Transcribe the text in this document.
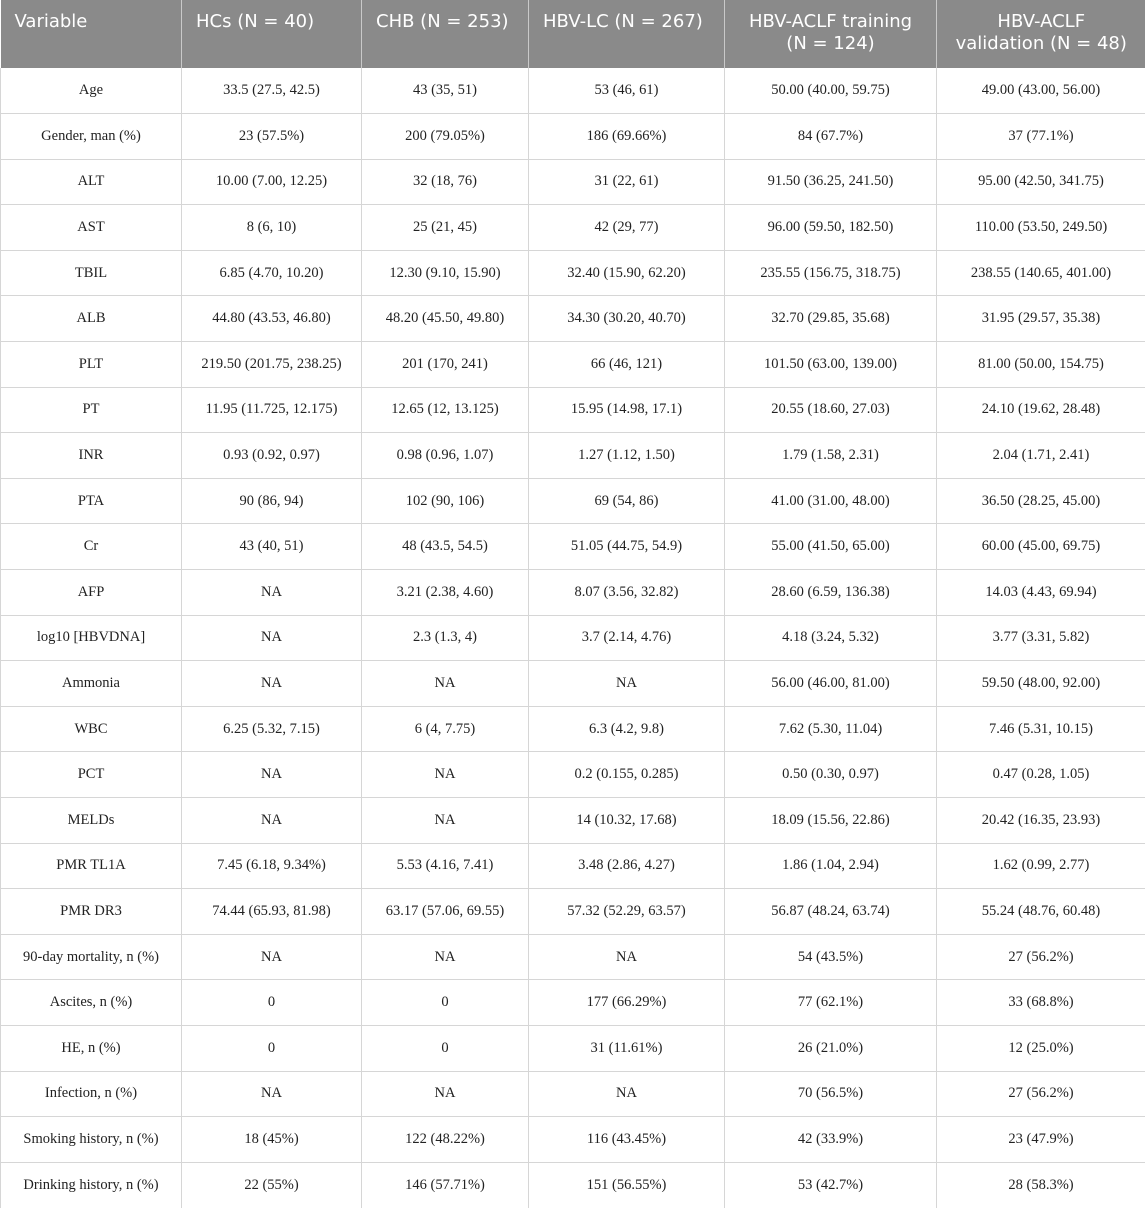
Variable	HCs (N = 40)	CHB (N = 253)	HBV-LC (N = 267)	HBV-ACLF training (N = 124)	HBV-ACLF validation (N = 48)
Age	33.5 (27.5, 42.5)	43 (35, 51)	53 (46, 61)	50.00 (40.00, 59.75)	49.00 (43.00, 56.00)
Gender, man (%)	23 (57.5%)	200 (79.05%)	186 (69.66%)	84 (67.7%)	37 (77.1%)
ALT	10.00 (7.00, 12.25)	32 (18, 76)	31 (22, 61)	91.50 (36.25, 241.50)	95.00 (42.50, 341.75)
AST	8 (6, 10)	25 (21, 45)	42 (29, 77)	96.00 (59.50, 182.50)	110.00 (53.50, 249.50)
TBIL	6.85 (4.70, 10.20)	12.30 (9.10, 15.90)	32.40 (15.90, 62.20)	235.55 (156.75, 318.75)	238.55 (140.65, 401.00)
ALB	44.80 (43.53, 46.80)	48.20 (45.50, 49.80)	34.30 (30.20, 40.70)	32.70 (29.85, 35.68)	31.95 (29.57, 35.38)
PLT	219.50 (201.75, 238.25)	201 (170, 241)	66 (46, 121)	101.50 (63.00, 139.00)	81.00 (50.00, 154.75)
PT	11.95 (11.725, 12.175)	12.65 (12, 13.125)	15.95 (14.98, 17.1)	20.55 (18.60, 27.03)	24.10 (19.62, 28.48)
INR	0.93 (0.92, 0.97)	0.98 (0.96, 1.07)	1.27 (1.12, 1.50)	1.79 (1.58, 2.31)	2.04 (1.71, 2.41)
PTA	90 (86, 94)	102 (90, 106)	69 (54, 86)	41.00 (31.00, 48.00)	36.50 (28.25, 45.00)
Cr	43 (40, 51)	48 (43.5, 54.5)	51.05 (44.75, 54.9)	55.00 (41.50, 65.00)	60.00 (45.00, 69.75)
AFP	NA	3.21 (2.38, 4.60)	8.07 (3.56, 32.82)	28.60 (6.59, 136.38)	14.03 (4.43, 69.94)
log10 [HBVDNA]	NA	2.3 (1.3, 4)	3.7 (2.14, 4.76)	4.18 (3.24, 5.32)	3.77 (3.31, 5.82)
Ammonia	NA	NA	NA	56.00 (46.00, 81.00)	59.50 (48.00, 92.00)
WBC	6.25 (5.32, 7.15)	6 (4, 7.75)	6.3 (4.2, 9.8)	7.62 (5.30, 11.04)	7.46 (5.31, 10.15)
PCT	NA	NA	0.2 (0.155, 0.285)	0.50 (0.30, 0.97)	0.47 (0.28, 1.05)
MELDs	NA	NA	14 (10.32, 17.68)	18.09 (15.56, 22.86)	20.42 (16.35, 23.93)
PMR TL1A	7.45 (6.18, 9.34%)	5.53 (4.16, 7.41)	3.48 (2.86, 4.27)	1.86 (1.04, 2.94)	1.62 (0.99, 2.77)
PMR DR3	74.44 (65.93, 81.98)	63.17 (57.06, 69.55)	57.32 (52.29, 63.57)	56.87 (48.24, 63.74)	55.24 (48.76, 60.48)
90-day mortality, n (%)	NA	NA	NA	54 (43.5%)	27 (56.2%)
Ascites, n (%)	0	0	177 (66.29%)	77 (62.1%)	33 (68.8%)
HE, n (%)	0	0	31 (11.61%)	26 (21.0%)	12 (25.0%)
Infection, n (%)	NA	NA	NA	70 (56.5%)	27 (56.2%)
Smoking history, n (%)	18 (45%)	122 (48.22%)	116 (43.45%)	42 (33.9%)	23 (47.9%)
Drinking history, n (%)	22 (55%)	146 (57.71%)	151 (56.55%)	53 (42.7%)	28 (58.3%)
